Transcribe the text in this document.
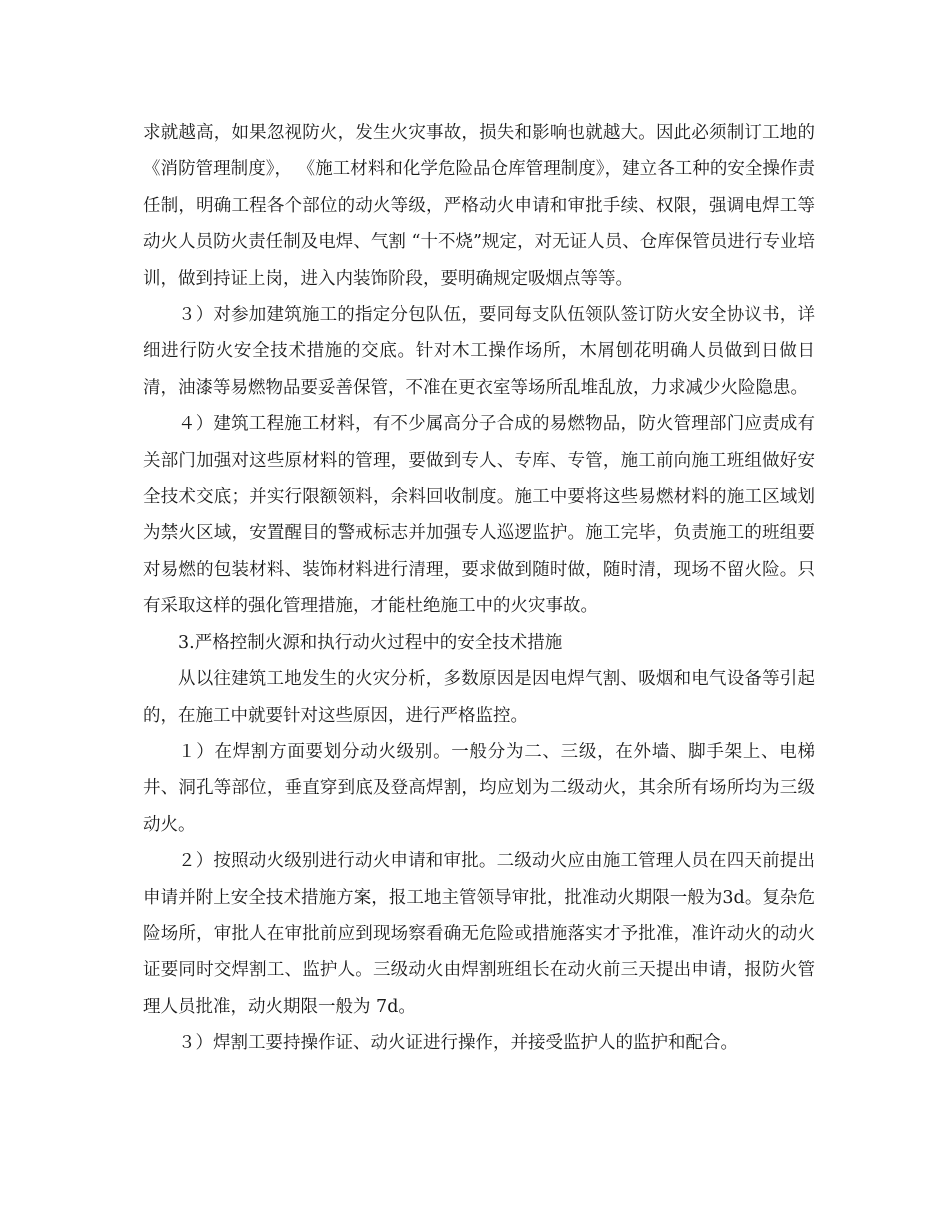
求就越高，如果忽视防火，发生火灾事故，损失和影响也就越大。因此必须制订工地的 《消防管理制度》， 《施工材料和化学危险品仓库管理制度》，建立各工种的安全操作责任制，明确工程各个部位的动火等级，严格动火申请和审批手续、权限，强调电焊工等动火人员防火责任制及电焊、气割 “十不烧”规定，对无证人员、仓库保管员进行专业培训，做到持证上岗，进入内装饰阶段，要明确规定吸烟点等等。

３）对参加建筑施工的指定分包队伍，要同每支队伍领队签订防火安全协议书，详细进行防火安全技术措施的交底。针对木工操作场所，木屑刨花明确人员做到日做日清，油漆等易燃物品要妥善保管，不准在更衣室等场所乱堆乱放，力求减少火险隐患。

４）建筑工程施工材料，有不少属高分子合成的易燃物品，防火管理部门应责成有关部门加强对这些原材料的管理，要做到专人、专库、专管，施工前向施工班组做好安全技术交底；并实行限额领料，余料回收制度。施工中要将这些易燃材料的施工区域划为禁火区域，安置醒目的警戒标志并加强专人巡逻监护。施工完毕，负责施工的班组要对易燃的包装材料、装饰材料进行清理，要求做到随时做，随时清，现场不留火险。只有采取这样的强化管理措施，才能杜绝施工中的火灾事故。

3.严格控制火源和执行动火过程中的安全技术措施

从以往建筑工地发生的火灾分析，多数原因是因电焊气割、吸烟和电气设备等引起的，在施工中就要针对这些原因，进行严格监控。

１）在焊割方面要划分动火级别。一般分为二、三级，在外墙、脚手架上、电梯井、洞孔等部位，垂直穿到底及登高焊割，均应划为二级动火，其余所有场所均为三级动火。

２）按照动火级别进行动火申请和审批。二级动火应由施工管理人员在四天前提出申请并附上安全技术措施方案，报工地主管领导审批，批准动火期限一般为3d。复杂危险场所，审批人在审批前应到现场察看确无危险或措施落实才予批准，准许动火的动火证要同时交焊割工、监护人。三级动火由焊割班组长在动火前三天提出申请，报防火管理人员批准，动火期限一般为 7d。

３）焊割工要持操作证、动火证进行操作，并接受监护人的监护和配合。
